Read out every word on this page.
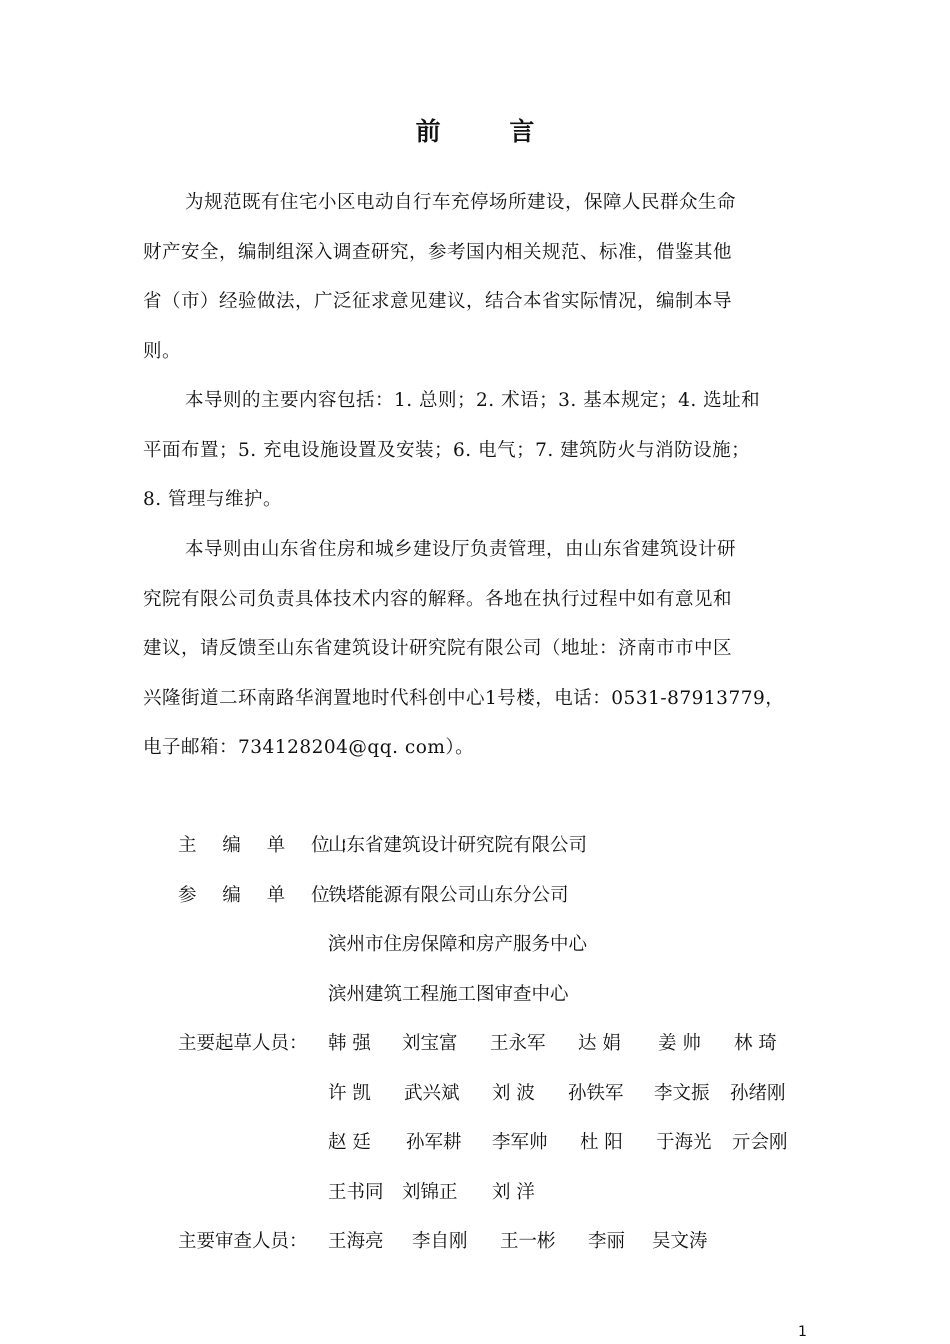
前 言
为规范既有住宅小区电动自行车充停场所建设，保障人民群众生命
财产安全，编制组深入调查研究，参考国内相关规范、标准，借鉴其他
省（市）经验做法，广泛征求意见建议，结合本省实际情况，编制本导
则。
本导则的主要内容包括：1. 总则；2. 术语；3. 基本规定；4. 选址和
平面布置；5. 充电设施设置及安装；6. 电气；7. 建筑防火与消防设施；
8. 管理与维护。
本导则由山东省住房和城乡建设厅负责管理，由山东省建筑设计研
究院有限公司负责具体技术内容的解释。各地在执行过程中如有意见和
建议，请反馈至山东省建筑设计研究院有限公司（地址：济南市市中区
兴隆街道二环南路华润置地时代科创中心1号楼，电话：0531-87913779，
电子邮箱：734128204@qq. com）。
主 编 单 位：
山东省建筑设计研究院有限公司
参 编 单 位：
铁塔能源有限公司山东分公司
滨州市住房保障和房产服务中心
滨州建筑工程施工图审查中心
主要起草人员：	韩 强 刘宝富 王永军 达 娟 姜 帅 林 琦
许 凯 武兴斌 刘 波 孙铁军 李文振 孙绪刚
赵 廷 孙军耕 李军帅 杜 阳 于海光 亓会刚
王书同 刘锦正 刘 洋
主要审查人员：	王海亮 李自刚 王一彬 李丽 吴文涛
1
